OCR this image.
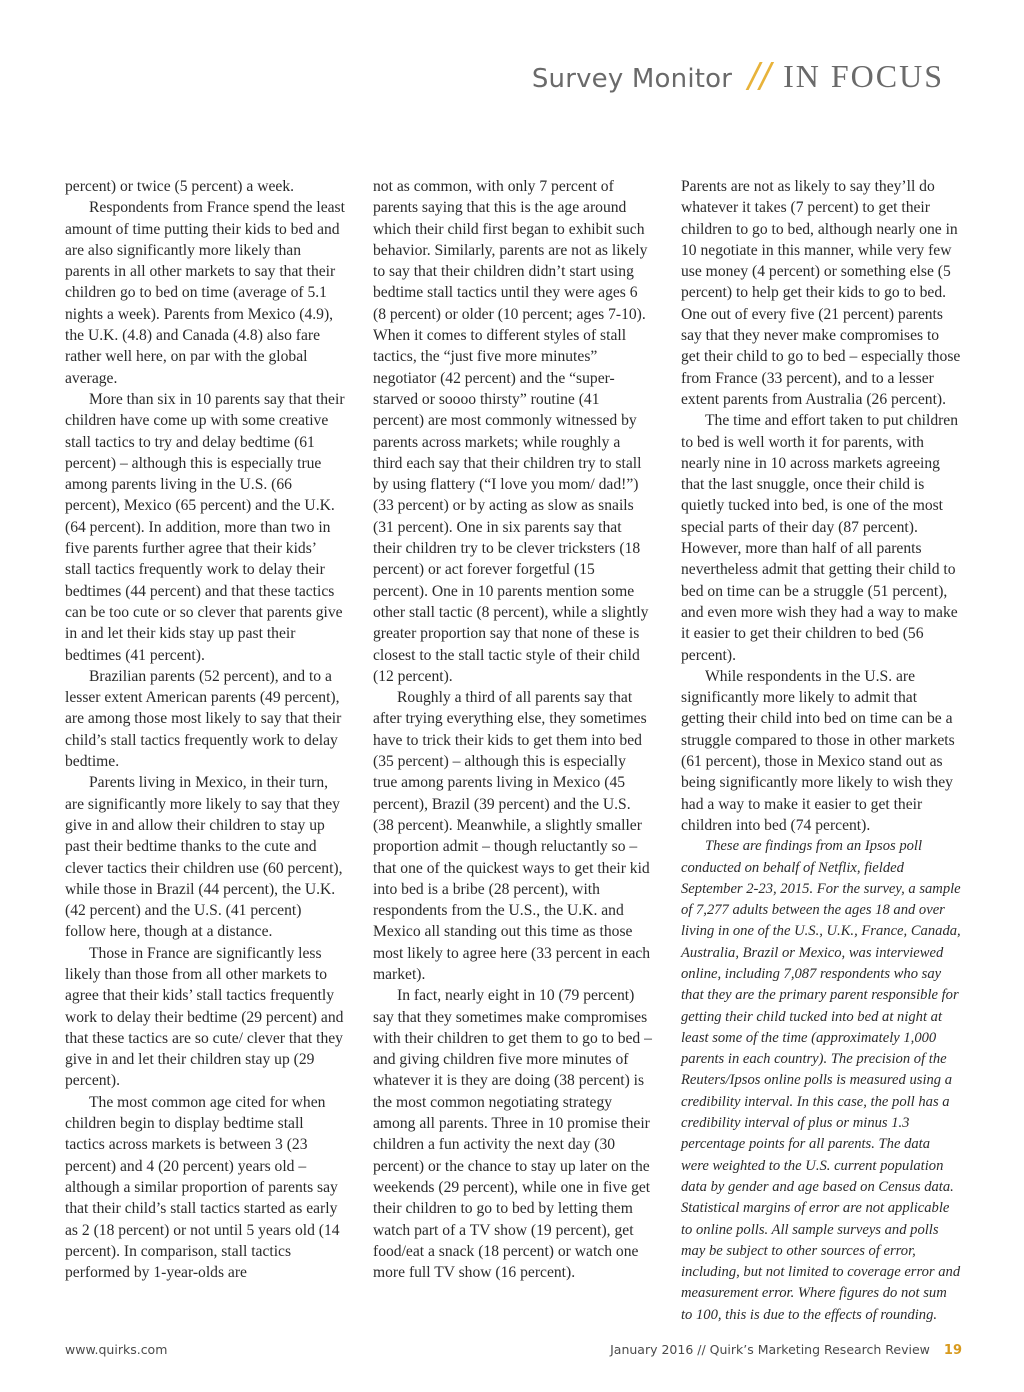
Survey Monitor // IN FOCUS

percent) or twice (5 percent) a week.

Respondents from France spend the least amount of time putting their kids to bed and are also significantly more likely than parents in all other markets to say that their children go to bed on time (average of 5.1 nights a week). Parents from Mexico (4.9), the U.K. (4.8) and Canada (4.8) also fare rather well here, on par with the global average.

More than six in 10 parents say that their children have come up with some creative stall tactics to try and delay bedtime (61 percent) – although this is especially true among parents living in the U.S. (66 percent), Mexico (65 percent) and the U.K. (64 percent). In addition, more than two in five parents further agree that their kids’ stall tactics frequently work to delay their bedtimes (44 percent) and that these tactics can be too cute or so clever that parents give in and let their kids stay up past their bedtimes (41 percent).

Brazilian parents (52 percent), and to a lesser extent American parents (49 percent), are among those most likely to say that their child’s stall tactics frequently work to delay bedtime.

Parents living in Mexico, in their turn, are significantly more likely to say that they give in and allow their children to stay up past their bedtime thanks to the cute and clever tactics their children use (60 percent), while those in Brazil (44 percent), the U.K. (42 percent) and the U.S. (41 percent) follow here, though at a distance.

Those in France are significantly less likely than those from all other markets to agree that their kids’ stall tactics frequently work to delay their bedtime (29 percent) and that these tactics are so cute/ clever that they give in and let their children stay up (29 percent).

The most common age cited for when children begin to display bedtime stall tactics across markets is between 3 (23 percent) and 4 (20 percent) years old – although a similar proportion of parents say that their child’s stall tactics started as early as 2 (18 percent) or not until 5 years old (14 percent). In comparison, stall tactics performed by 1-year-olds are

not as common, with only 7 percent of parents saying that this is the age around which their child first began to exhibit such behavior. Similarly, parents are not as likely to say that their children didn’t start using bedtime stall tactics until they were ages 6 (8 percent) or older (10 percent; ages 7-10). When it comes to different styles of stall tactics, the “just five more minutes” negotiator (42 percent) and the “super-starved or soooo thirsty” routine (41 percent) are most commonly witnessed by parents across markets; while roughly a third each say that their children try to stall by using flattery (“I love you mom/ dad!”) (33 percent) or by acting as slow as snails (31 percent). One in six parents say that their children try to be clever tricksters (18 percent) or act forever forgetful (15 percent). One in 10 parents mention some other stall tactic (8 percent), while a slightly greater proportion say that none of these is closest to the stall tactic style of their child (12 percent).

Roughly a third of all parents say that after trying everything else, they sometimes have to trick their kids to get them into bed (35 percent) – although this is especially true among parents living in Mexico (45 percent), Brazil (39 percent) and the U.S. (38 percent). Meanwhile, a slightly smaller proportion admit – though reluctantly so – that one of the quickest ways to get their kid into bed is a bribe (28 percent), with respondents from the U.S., the U.K. and Mexico all standing out this time as those most likely to agree here (33 percent in each market).

In fact, nearly eight in 10 (79 percent) say that they sometimes make compromises with their children to get them to go to bed – and giving children five more minutes of whatever it is they are doing (38 percent) is the most common negotiating strategy among all parents. Three in 10 promise their children a fun activity the next day (30 percent) or the chance to stay up later on the weekends (29 percent), while one in five get their children to go to bed by letting them watch part of a TV show (19 percent), get food/eat a snack (18 percent) or watch one more full TV show (16 percent).

Parents are not as likely to say they’ll do whatever it takes (7 percent) to get their children to go to bed, although nearly one in 10 negotiate in this manner, while very few use money (4 percent) or something else (5 percent) to help get their kids to go to bed. One out of every five (21 percent) parents say that they never make compromises to get their child to go to bed – especially those from France (33 percent), and to a lesser extent parents from Australia (26 percent).

The time and effort taken to put children to bed is well worth it for parents, with nearly nine in 10 across markets agreeing that the last snuggle, once their child is quietly tucked into bed, is one of the most special parts of their day (87 percent). However, more than half of all parents nevertheless admit that getting their child to bed on time can be a struggle (51 percent), and even more wish they had a way to make it easier to get their children to bed (56 percent).

While respondents in the U.S. are significantly more likely to admit that getting their child into bed on time can be a struggle compared to those in other markets (61 percent), those in Mexico stand out as being significantly more likely to wish they had a way to make it easier to get their children into bed (74 percent).

These are findings from an Ipsos poll conducted on behalf of Netflix, fielded September 2-23, 2015. For the survey, a sample of 7,277 adults between the ages 18 and over living in one of the U.S., U.K., France, Canada, Australia, Brazil or Mexico, was interviewed online, including 7,087 respondents who say that they are the primary parent responsible for getting their child tucked into bed at night at least some of the time (approximately 1,000 parents in each country). The precision of the Reuters/Ipsos online polls is measured using a credibility interval. In this case, the poll has a credibility interval of plus or minus 1.3 percentage points for all parents. The data were weighted to the U.S. current population data by gender and age based on Census data. Statistical margins of error are not applicable to online polls. All sample surveys and polls may be subject to other sources of error, including, but not limited to coverage error and measurement error. Where figures do not sum to 100, this is due to the effects of rounding.

www.quirks.com	January 2016 // Quirk’s Marketing Research Review 19
